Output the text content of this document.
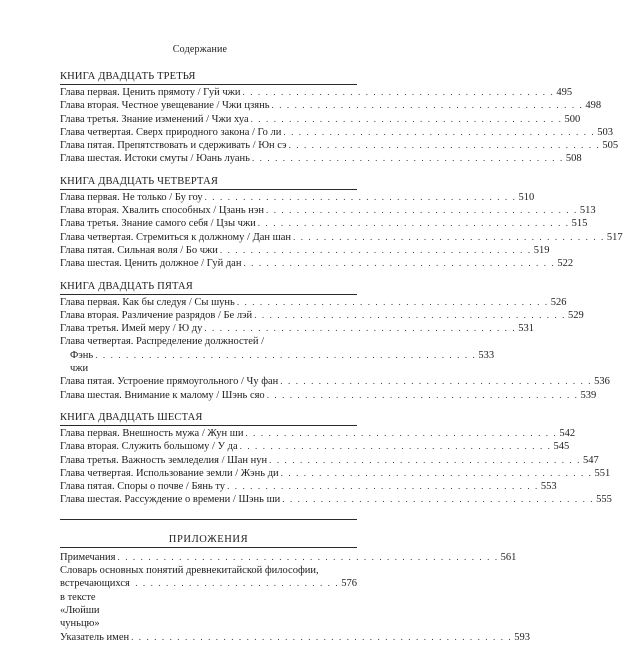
Содержание
КНИГА ДВАДЦАТЬ ТРЕТЬЯ
Глава первая. Ценить прямоту / Гуй чжи . . . . . . . . . . . . . . . . . . . . . . . . . . . . . . . . . . . . . . . . . 495
Глава вторая. Честное увещевание / Чжи цзянь . . . . . . . . . . . . . . . . . . . . . . . . . . . . . . . . . . . . . . . . . 498
Глава третья. Знание изменений / Чжи хуа . . . . . . . . . . . . . . . . . . . . . . . . . . . . . . . . . . . . . . . . . 500
Глава четвертая. Сверх природного закона / Го ли . . . . . . . . . . . . . . . . . . . . . . . . . . . . . . . . . . . . . . . . . 503
Глава пятая. Препятствовать и сдерживать / Юн сэ . . . . . . . . . . . . . . . . . . . . . . . . . . . . . . . . . . . . . . . . . 505
Глава шестая. Истоки смуты / Юань луань . . . . . . . . . . . . . . . . . . . . . . . . . . . . . . . . . . . . . . . . . 508
КНИГА ДВАДЦАТЬ ЧЕТВЕРТАЯ
Глава первая. Не только / Бу гоу . . . . . . . . . . . . . . . . . . . . . . . . . . . . . . . . . . . . . . . . . 510
Глава вторая. Хвалить способных / Цзань нэн . . . . . . . . . . . . . . . . . . . . . . . . . . . . . . . . . . . . . . . . . 513
Глава третья. Знание самого себя / Цзы чжи . . . . . . . . . . . . . . . . . . . . . . . . . . . . . . . . . . . . . . . . . 515
Глава четвертая. Стремиться к должному / Дан шан . . . . . . . . . . . . . . . . . . . . . . . . . . . . . . . . . . . . . . . . . 517
Глава пятая. Сильная воля / Бо чжи . . . . . . . . . . . . . . . . . . . . . . . . . . . . . . . . . . . . . . . . . 519
Глава шестая. Ценить должное / Гуй дан . . . . . . . . . . . . . . . . . . . . . . . . . . . . . . . . . . . . . . . . . 522
КНИГА ДВАДЦАТЬ ПЯТАЯ
Глава первая. Как бы следуя / Сы шунь . . . . . . . . . . . . . . . . . . . . . . . . . . . . . . . . . . . . . . . . . 526
Глава вторая. Различение разрядов / Бе лэй . . . . . . . . . . . . . . . . . . . . . . . . . . . . . . . . . . . . . . . . . 529
Глава третья. Имей меру / Ю ду . . . . . . . . . . . . . . . . . . . . . . . . . . . . . . . . . . . . . . . . . 531
Глава четвертая. Распределение должностей /
Фэнь чжи
. . . . . . . . . . . . . . . . . . . . . . . . . . . . . . . . . . . . . . . . . . . . . . . . . . 533
Глава пятая. Устроение прямоугольного / Чу фан . . . . . . . . . . . . . . . . . . . . . . . . . . . . . . . . . . . . . . . . . 536
Глава шестая. Внимание к малому / Шэнь сяо . . . . . . . . . . . . . . . . . . . . . . . . . . . . . . . . . . . . . . . . . 539
КНИГА ДВАДЦАТЬ ШЕСТАЯ
Глава первая. Внешность мужа / Жун ши . . . . . . . . . . . . . . . . . . . . . . . . . . . . . . . . . . . . . . . . . 542
Глава вторая. Служить большому / У да . . . . . . . . . . . . . . . . . . . . . . . . . . . . . . . . . . . . . . . . . 545
Глава третья. Важность земледелия / Шан нун . . . . . . . . . . . . . . . . . . . . . . . . . . . . . . . . . . . . . . . . . 547
Глава четвертая. Использование земли / Жэнь ди . . . . . . . . . . . . . . . . . . . . . . . . . . . . . . . . . . . . . . . . . 551
Глава пятая. Споры о почве / Бянь ту . . . . . . . . . . . . . . . . . . . . . . . . . . . . . . . . . . . . . . . . . 553
Глава шестая. Рассуждение о времени / Шэнь ши . . . . . . . . . . . . . . . . . . . . . . . . . . . . . . . . . . . . . . . . . 555
ПРИЛОЖЕНИЯ
Примечания . . . . . . . . . . . . . . . . . . . . . . . . . . . . . . . . . . . . . . . . . . . . . . . . . . 561
Словарь основных понятий древнекитайской философии,
встречающихся в тексте «Люйши чуньцю»
. . . . . . . . . . . . . . . . . . . . . . . . . . . 576
Указатель имен . . . . . . . . . . . . . . . . . . . . . . . . . . . . . . . . . . . . . . . . . . . . . . . . . . 593
